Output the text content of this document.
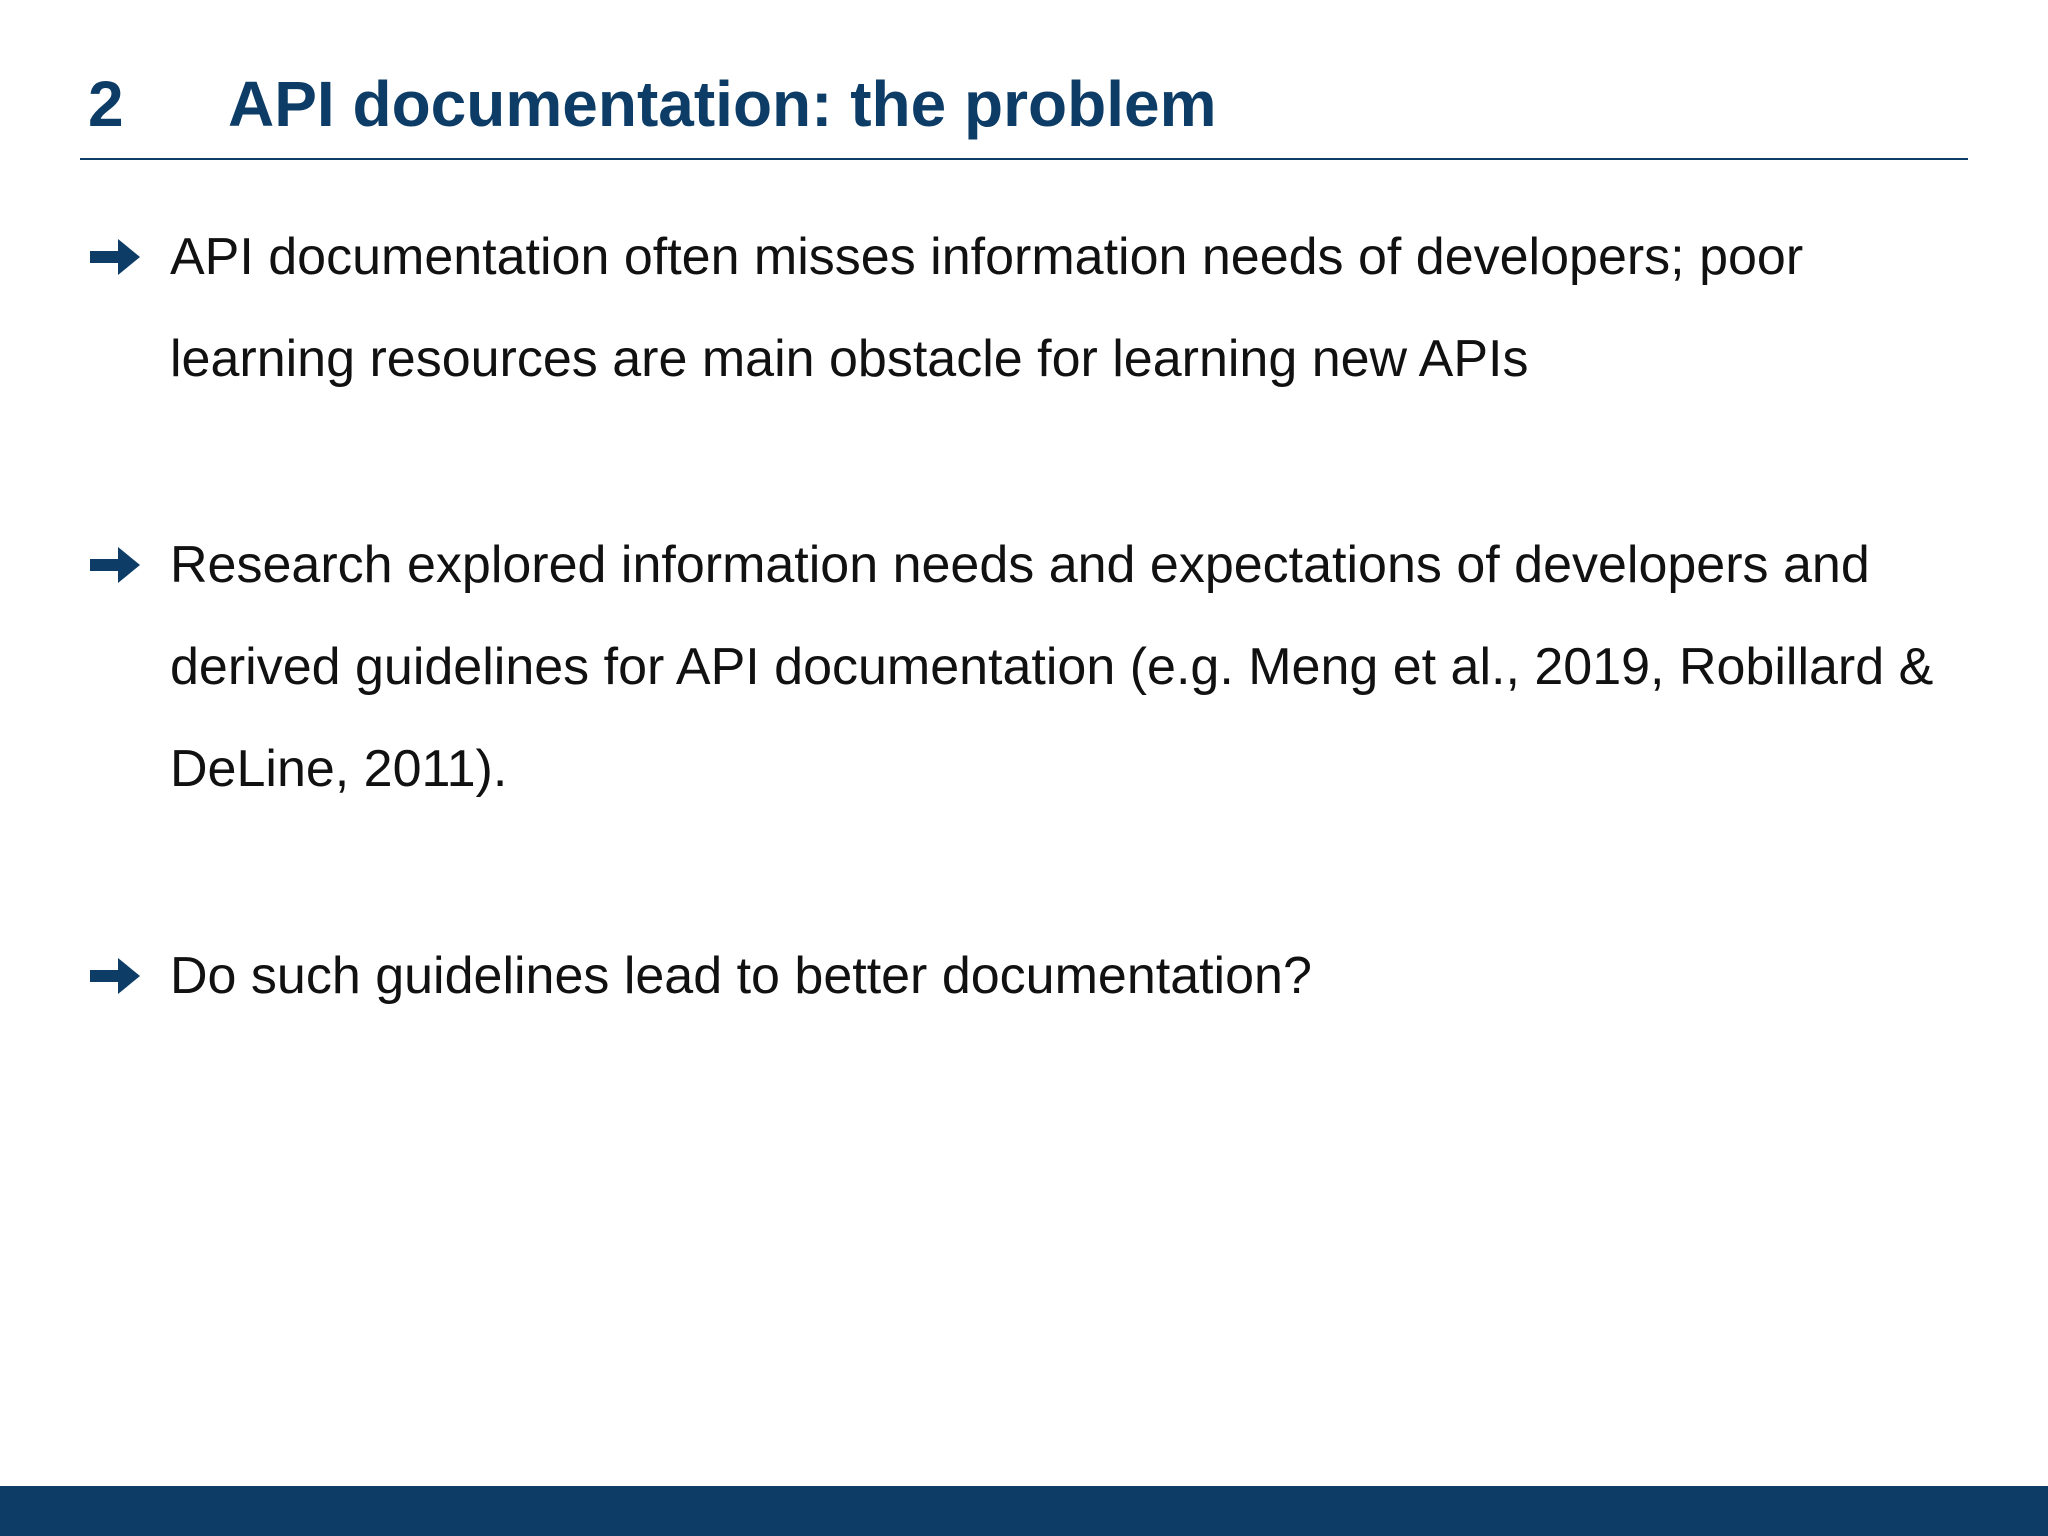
2	API documentation: the problem
API documentation often misses information needs of developers; poor learning resources are main obstacle for learning new APIs
Research explored information needs and expectations of developers and derived guidelines for API documentation (e.g. Meng et al., 2019, Robillard & DeLine, 2011).
Do such guidelines lead to better documentation?
